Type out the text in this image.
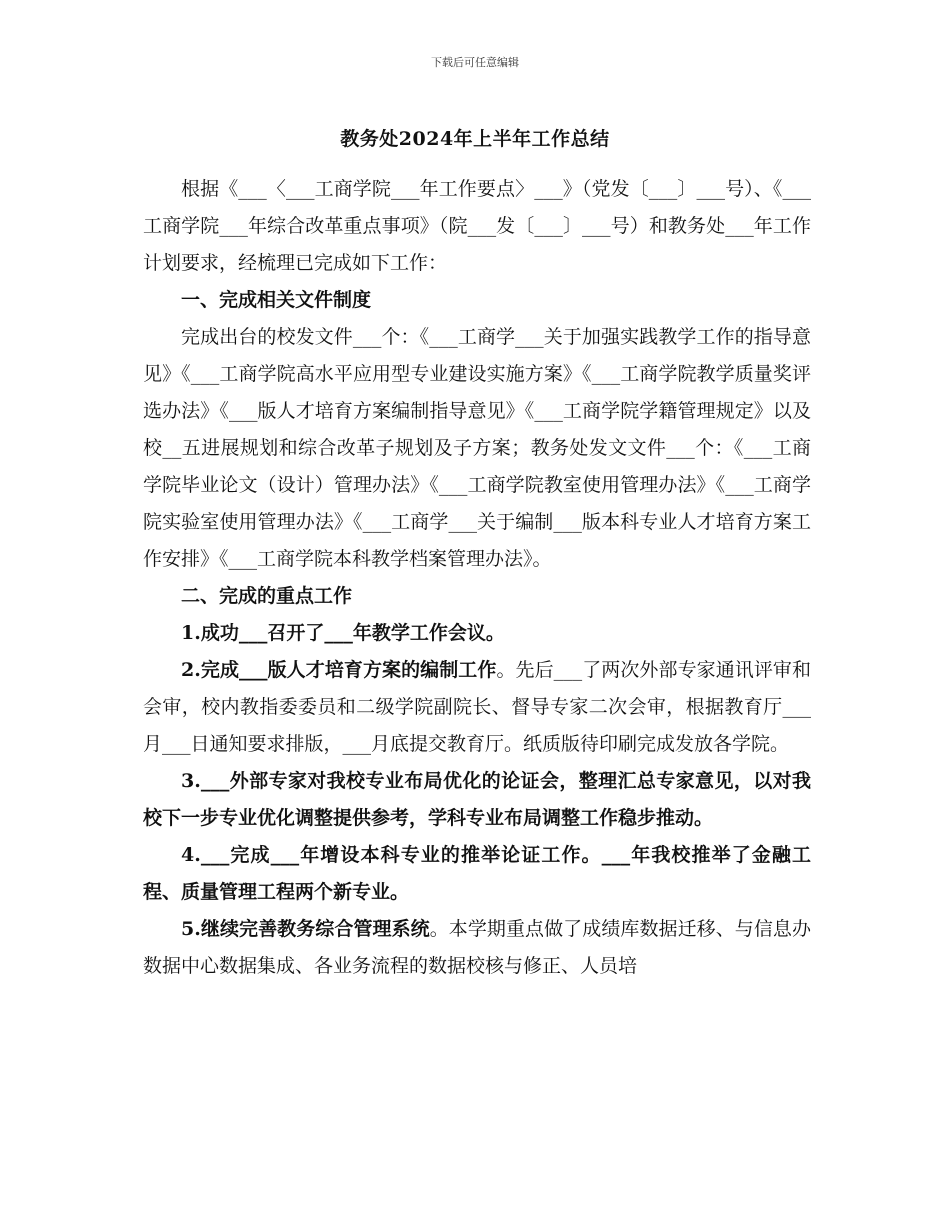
下载后可任意编辑
教务处2024年上半年工作总结

根据《___〈___工商学院___年工作要点〉___》（党发〔___〕___号）、《___工商学院___年综合改革重点事项》（院___发〔___〕___号）和教务处___年工作计划要求，经梳理已完成如下工作：

一、完成相关文件制度

完成出台的校发文件___个：《___工商学___关于加强实践教学工作的指导意见》《___工商学院高水平应用型专业建设实施方案》《___工商学院教学质量奖评选办法》《___版人才培育方案编制指导意见》《___工商学院学籍管理规定》以及校__五进展规划和综合改革子规划及子方案；教务处发文文件___个：《___工商学院毕业论文（设计）管理办法》《___工商学院教室使用管理办法》《___工商学院实验室使用管理办法》《___工商学___关于编制___版本科专业人才培育方案工作安排》《___工商学院本科教学档案管理办法》。

二、完成的重点工作

1.成功___召开了___年教学工作会议。

2.完成___版人才培育方案的编制工作。先后___了两次外部专家通讯评审和会审，校内教指委委员和二级学院副院长、督导专家二次会审，根据教育厅___月___日通知要求排版，___月底提交教育厅。纸质版待印刷完成发放各学院。

3.___外部专家对我校专业布局优化的论证会，整理汇总专家意见，以对我校下一步专业优化调整提供参考，学科专业布局调整工作稳步推动。

4.___完成___年增设本科专业的推举论证工作。___年我校推举了金融工程、质量管理工程两个新专业。

5.继续完善教务综合管理系统。本学期重点做了成绩库数据迁移、与信息办数据中心数据集成、各业务流程的数据校核与修正、人员培
